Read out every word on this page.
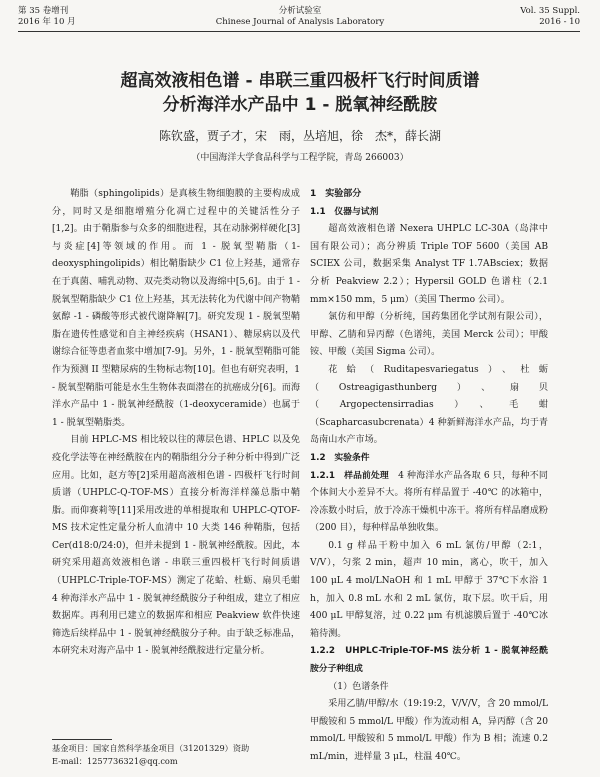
第 35 卷增刊
2016 年 10 月
分析试验室
Chinese Journal of Analysis Laboratory
Vol. 35 Suppl.
2016 - 10
超高效液相色谱 - 串联三重四极杆飞行时间质谱
分析海洋水产品中 1 - 脱氧神经酰胺
陈钦盛，贾子才，宋　雨，丛培旭，徐　杰*，薛长湖
（中国海洋大学食品科学与工程学院，青岛 266003）

鞘脂（sphingolipids）是真核生物细胞膜的主要构成成分，同时又是细胞增殖分化凋亡过程中的关键活性分子[1,2]。由于鞘脂参与众多的细胞进程，其在动脉粥样硬化[3]与炎症[4]等领域的作用。而 1 - 脱氧型鞘脂（1-deoxysphingolipids）相比鞘脂缺少 C1 位上羟基，通常存在于真菌、哺乳动物、双壳类动物以及海绵中[5,6]。由于 1 - 脱氧型鞘脂缺少 C1 位上羟基，其无法转化为代谢中间产物鞘氨醇 -1 - 磷酸等形式被代谢降解[7]。研究发现 1 - 脱氧型鞘脂在遗传性感觉和自主神经疾病（HSAN1）、糖尿病以及代谢综合征等患者血浆中增加[7-9]。另外，1 - 脱氧型鞘脂可能作为预测 II 型糖尿病的生物标志物[10]。但也有研究表明，1 - 脱氧型鞘脂可能是水生生物体表面潜在的抗癌成分[6]。而海洋水产品中 1 - 脱氧神经酰胺（1-deoxyceramide）也属于 1 - 脱氧型鞘脂类。

目前 HPLC-MS 相比较以往的薄层色谱、HPLC 以及免疫化学法等在神经酰胺在内的鞘脂组分分子种分析中得到广泛应用。比如，赵方等[2]采用超高液相色谱 - 四极杆飞行时间质谱（UHPLC-Q-TOF-MS）直接分析海洋样藻总脂中鞘脂。而仰赛莉等[11]采用改进的单相提取和 UHPLC-QTOF-MS 技术定性定量分析人血清中 10 大类 146 种鞘脂，包括 Cer(d18:0/24:0)，但并未提到 1 - 脱氧神经酰胺。因此，本研究采用超高效液相色谱 - 串联三重四极杆飞行时间质谱（UHPLC-Triple-TOF-MS）测定了花蛤、杜蛎、扇贝毛蚶 4 种海洋水产品中 1 - 脱氧神经酰胺分子种组成，建立了相应数据库。再利用已建立的数据库和相应 Peakview 软件快速筛选后续样品中 1 - 脱氧神经酰胺分子种。由于缺乏标准品，本研究未对海产品中 1 - 脱氧神经酰胺进行定量分析。

1　实验部分

1.1　仪器与试剂

超高效液相色谱 Nexera UHPLC LC-30A（岛津中国有限公司）；高分辨质 Triple TOF 5600（美国 AB SCIEX 公司，数据采集 Analyst TF 1.7ABsciex；数据分析 Peakview 2.2）；Hypersil GOLD 色谱柱（2.1 mm×150 mm，5 μm）（美国 Thermo 公司）。

氯仿和甲醇（分析纯，国药集团化学试剂有限公司），甲醇、乙腈和异丙醇（色谱纯，美国 Merck 公司）；甲酸铵、甲酸（美国 Sigma 公司）。

花蛤（Ruditapesvariegatus）、杜蛎（Ostreagigasthunberg）、扇贝（Argopectensirradias）、毛蚶（Scapharcasubcrenata）4 种新鲜海洋水产品，均于青岛南山水产市场。

1.2　实验条件

1.2.1　样品前处理　4 种海洋水产品各取 6 只，每种不同个体间大小差异不大。将所有样品置于 -40℃ 的冰箱中，冷冻数小时后，放于冷冻干燥机中冻干。将所有样品磨成粉（200 目），每种样品单独收集。

0.1 g 样品干粉中加入 6 mL 氯仿/甲醇（2:1，V/V），匀浆 2 min，超声 10 min，离心，吹干，加入 100 μL 4 mol/LNaOH 和 1 mL 甲醇于 37℃下水浴 1 h，加入 0.8 mL 水和 2 mL 氯仿，取下层。吹干后，用 400 μL 甲醇复溶，过 0.22 μm 有机滤膜后置于 -40℃冰箱待测。

1.2.2　UHPLC-Triple-TOF-MS 法分析 1 - 脱氧神经酰胺分子种组成

（1）色谱条件

采用乙腈/甲醇/水（19:19:2，V/V/V，含 20 mmol/L 甲酸铵和 5 mmol/L 甲酸）作为流动相 A，异丙醇（含 20 mmol/L 甲酸铵和 5 mmol/L 甲酸）作为 B 相；流速 0.2 mL/min，进样量 3 μL，柱温 40℃。

基金项目：国家自然科学基金项目（31201329）资助
E-mail：1257736321@qq.com
